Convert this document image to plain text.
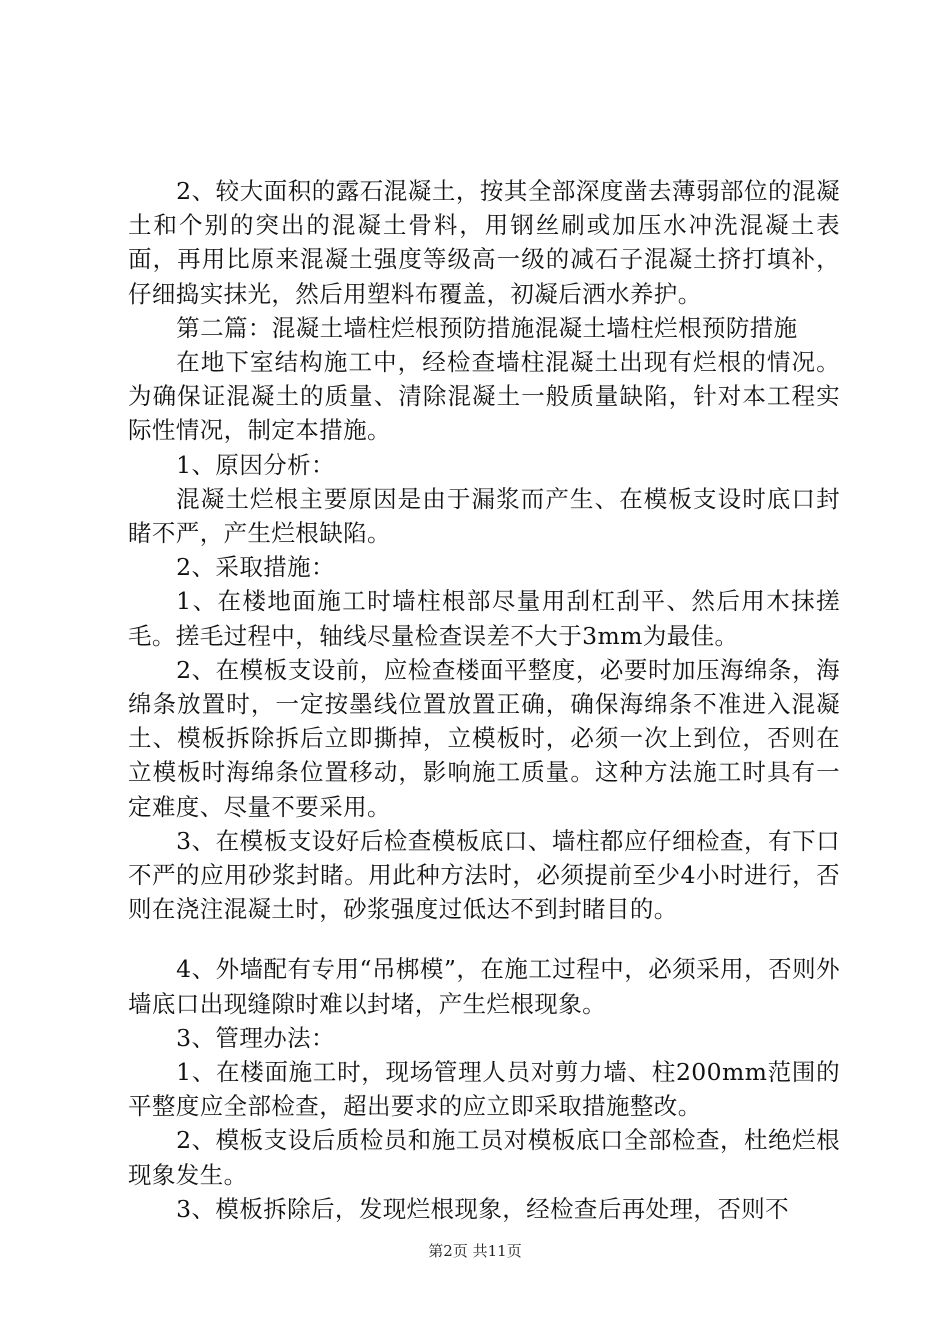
2、较大面积的露石混凝土，按其全部深度凿去薄弱部位的混凝土和个别的突出的混凝土骨料，用钢丝刷或加压水冲洗混凝土表面，再用比原来混凝土强度等级高一级的减石子混凝土挤打填补，仔细捣实抹光，然后用塑料布覆盖，初凝后洒水养护。

第二篇：混凝土墙柱烂根预防措施混凝土墙柱烂根预防措施

在地下室结构施工中，经检查墙柱混凝土出现有烂根的情况。为确保证混凝土的质量、清除混凝土一般质量缺陷，针对本工程实际性情况，制定本措施。

1、原因分析：

混凝土烂根主要原因是由于漏浆而产生、在模板支设时底口封睹不严，产生烂根缺陷。

2、采取措施：

1、在楼地面施工时墙柱根部尽量用刮杠刮平、然后用木抹搓毛。搓毛过程中，轴线尽量检查误差不大于3mm为最佳。

2、在模板支设前，应检查楼面平整度，必要时加压海绵条，海绵条放置时，一定按墨线位置放置正确，确保海绵条不准进入混凝土、模板拆除拆后立即撕掉，立模板时，必须一次上到位，否则在立模板时海绵条位置移动，影响施工质量。这种方法施工时具有一定难度、尽量不要采用。

3、在模板支设好后检查模板底口、墙柱都应仔细检查，有下口不严的应用砂浆封睹。用此种方法时，必须提前至少4小时进行，否则在浇注混凝土时，砂浆强度过低达不到封睹目的。

4、外墙配有专用“吊梆模”，在施工过程中，必须采用，否则外墙底口出现缝隙时难以封堵，产生烂根现象。

3、管理办法：

1、在楼面施工时，现场管理人员对剪力墙、柱200mm范围的平整度应全部检查，超出要求的应立即采取措施整改。

2、模板支设后质检员和施工员对模板底口全部检查，杜绝烂根现象发生。

3、模板拆除后，发现烂根现象，经检查后再处理，否则不

第2页 共11页
